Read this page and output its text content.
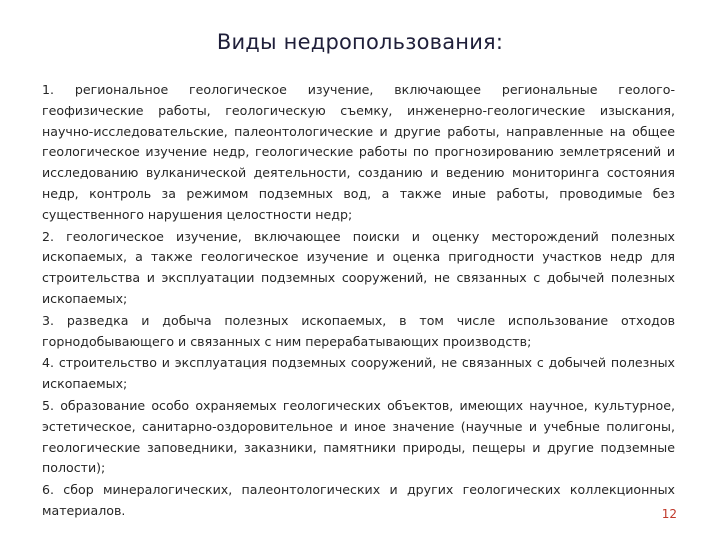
Виды недропользования:

1. региональное геологическое изучение, включающее региональные геолого-геофизические работы, геологическую съемку, инженерно-геологические изыскания, научно-исследовательские, палеонтологические и другие работы, направленные на общее геологическое изучение недр, геологические работы по прогнозированию землетрясений и исследованию вулканической деятельности, созданию и ведению мониторинга состояния недр, контроль за режимом подземных вод, а также иные работы, проводимые без существенного нарушения целостности недр;

2. геологическое изучение, включающее поиски и оценку месторождений полезных ископаемых, а также геологическое изучение и оценка пригодности участков недр для строительства и эксплуатации подземных сооружений, не связанных с добычей полезных ископаемых;

3. разведка и добыча полезных ископаемых, в том числе использование отходов горнодобывающего и связанных с ним перерабатывающих производств;

4. строительство и эксплуатация подземных сооружений, не связанных с добычей полезных ископаемых;

5. образование особо охраняемых геологических объектов, имеющих научное, культурное, эстетическое, санитарно-оздоровительное и иное значение (научные и учебные полигоны, геологические заповедники, заказники, памятники природы, пещеры и другие подземные полости);

6. сбор минералогических, палеонтологических и других геологических коллекционных материалов.	12
